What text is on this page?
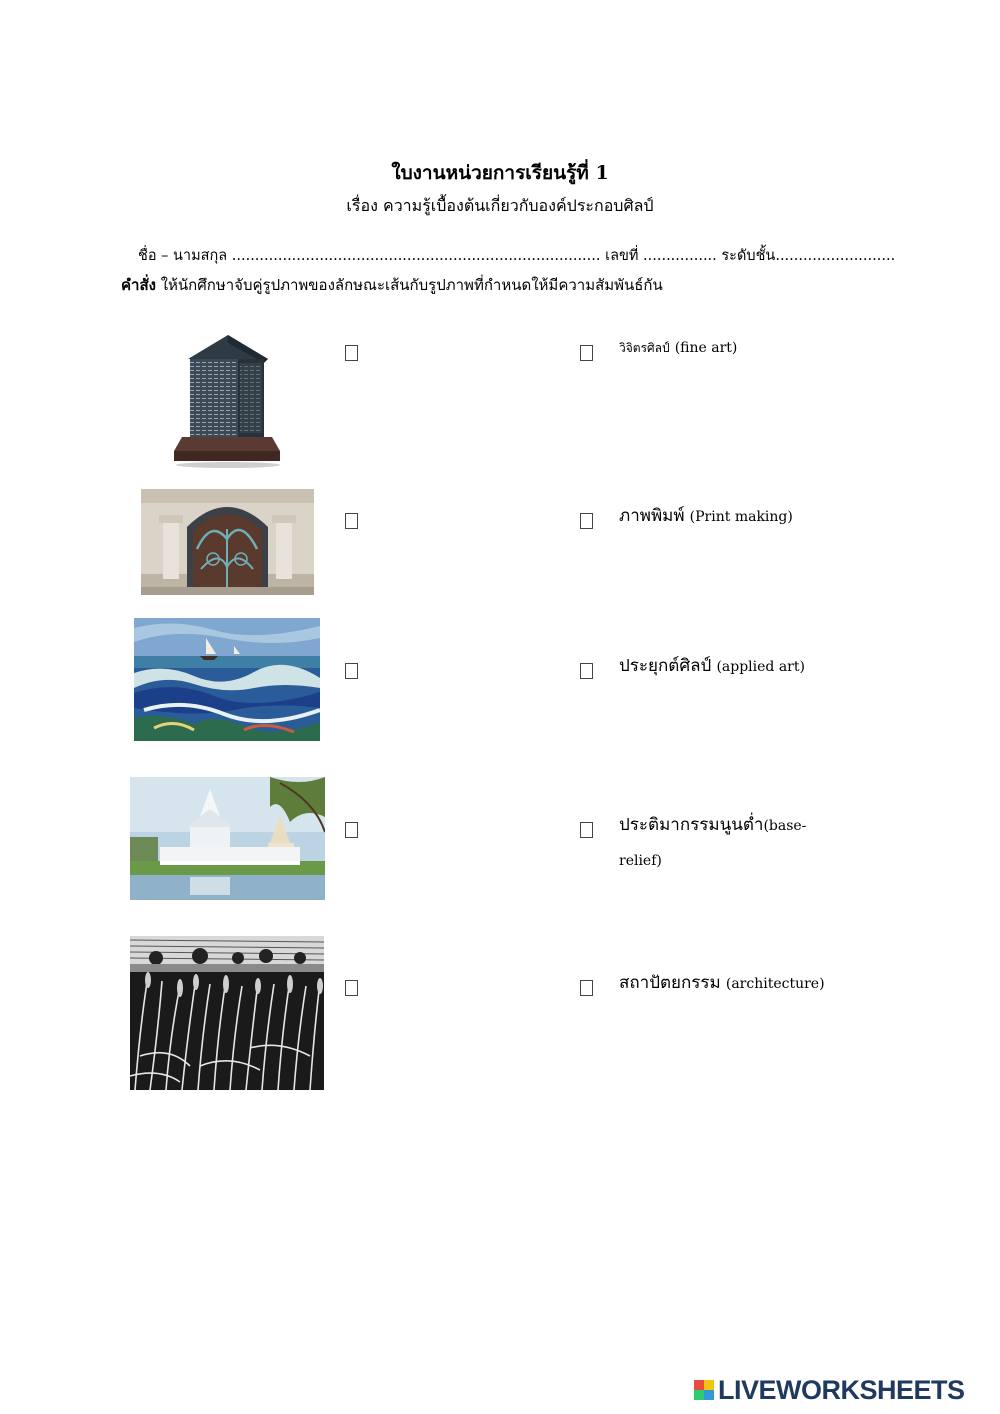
ใบงานหน่วยการเรียนรู้ที่ 1
เรื่อง ความรู้เบื้องต้นเกี่ยวกับองค์ประกอบศิลป์
ชื่อ – นามสกุล ................................................................................ เลขที่ ................ ระดับชั้น..........................
คำสั่ง ให้นักศึกษาจับคู่รูปภาพของลักษณะเส้นกับรูปภาพที่กำหนดให้มีความสัมพันธ์กัน
วิจิตรศิลป์ (fine art)
ภาพพิมพ์ (Print making)
ประยุกต์ศิลป์ (applied art)
ประติมากรรมนูนต่ำ(base-
relief)
สถาปัตยกรรม (architecture)
LIVEWORKSHEETS
